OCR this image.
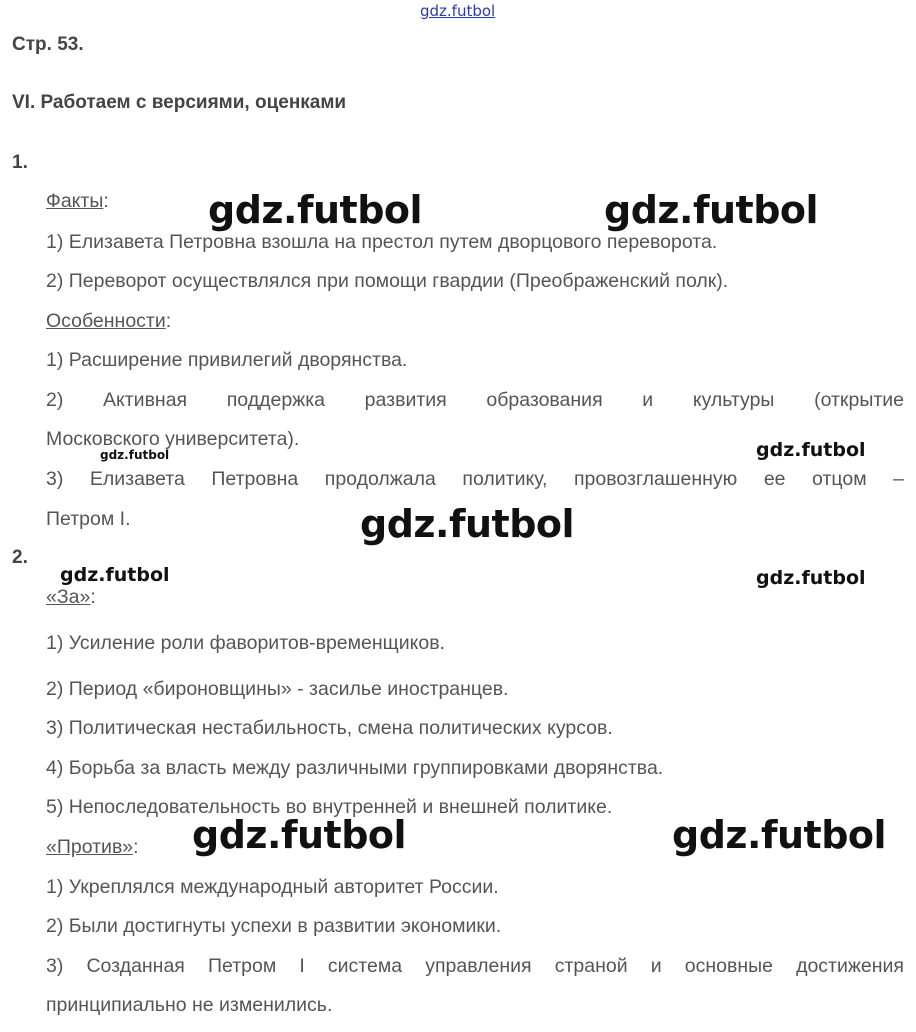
gdz.futbol
Стр. 53.
VI. Работаем с версиями, оценками
1.
Факты:
1) Елизавета Петровна взошла на престол путем дворцового переворота.
2) Переворот осуществлялся при помощи гвардии (Преображенский полк).
Особенности:
1) Расширение привилегий дворянства.
2) Активная поддержка развития образования и культуры (открытие
Московского университета).
3) Елизавета Петровна продолжала политику, провозглашенную ее отцом –
Петром I.
2.
«За»:
1) Усиление роли фаворитов-временщиков.
2) Период «бироновщины» - засилье иностранцев.
3) Политическая нестабильность, смена политических курсов.
4) Борьба за власть между различными группировками дворянства.
5) Непоследовательность во внутренней и внешней политике.
«Против»:
1) Укреплялся международный авторитет России.
2) Были достигнуты успехи в развитии экономики.
3) Созданная Петром I система управления страной и основные достижения
принципиально не изменились.
gdz.futbol	gdz.futbol
gdz.futbol	gdz.futbol
gdz.futbol
gdz.futbol	gdz.futbol
gdz.futbol	gdz.futbol
